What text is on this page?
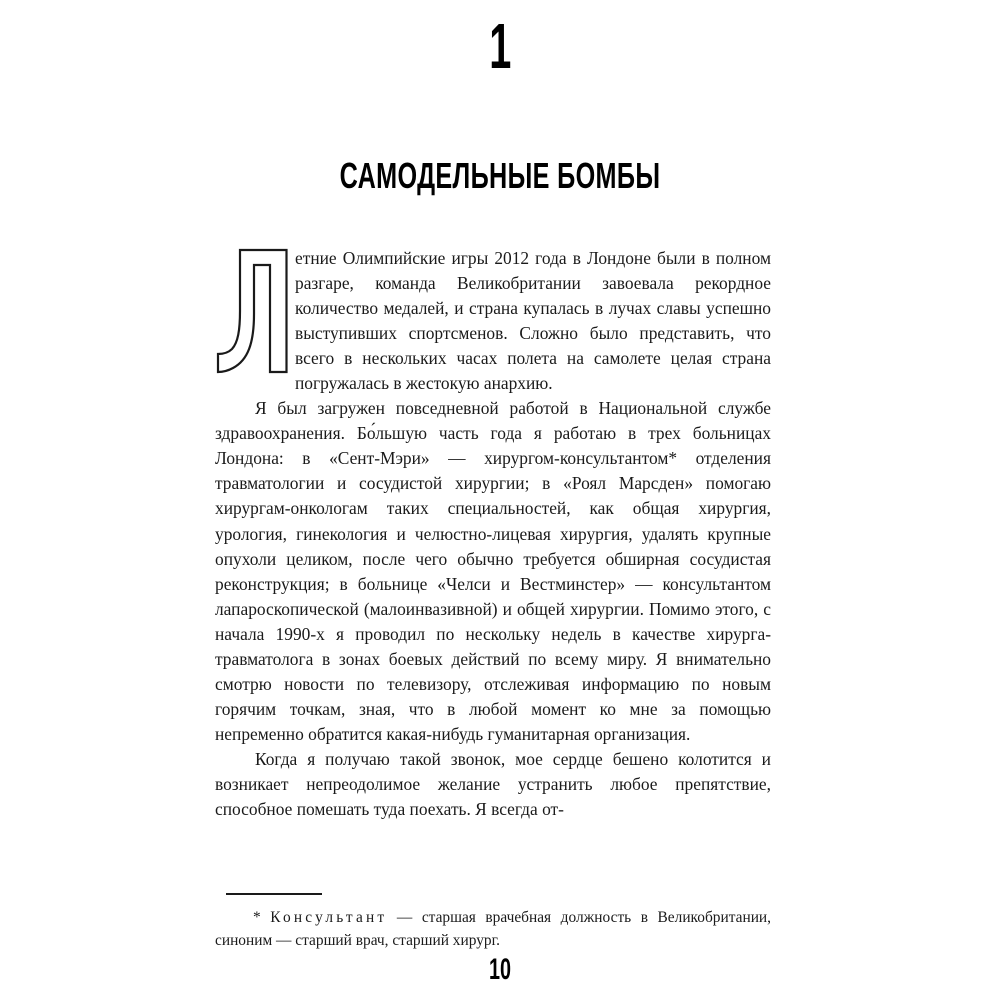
1
САМОДЕЛЬНЫЕ БОМБЫ

етние Олимпийские игры 2012 года в Лондоне были в полном разгаре, команда Великобритании завоевала рекордное количество медалей, и страна купалась в лучах славы успешно выступивших спортсменов. Сложно было представить, что всего в нескольких часах полета на самолете целая страна погружалась в жестокую анархию.

Я был загружен повседневной работой в Национальной службе здравоохранения. Бо́льшую часть года я работаю в трех больницах Лондона: в «Сент-Мэри» — хирургом-консультантом* отделения травматологии и сосудистой хирургии; в «Роял Марсден» помогаю хирургам-онкологам таких специальностей, как общая хирургия, урология, гинекология и челюстно-лицевая хирургия, удалять крупные опухоли целиком, после чего обычно требуется обширная сосудистая реконструкция; в больнице «Челси и Вестминстер» — консультантом лапароскопической (малоинвазивной) и общей хирургии. Помимо этого, с начала 1990-х я проводил по нескольку недель в качестве хирурга-травматолога в зонах боевых действий по всему миру. Я внимательно смотрю новости по телевизору, отслеживая информацию по новым горячим точкам, зная, что в любой момент ко мне за помощью непременно обратится какая-нибудь гуманитарная организация.

Когда я получаю такой звонок, мое сердце бешено колотится и возникает непреодолимое желание устранить любое препятствие, способное помешать туда поехать. Я всегда от-

* Консультант — старшая врачебная должность в Великобритании, синоним — старший врач, старший хирург.

10
